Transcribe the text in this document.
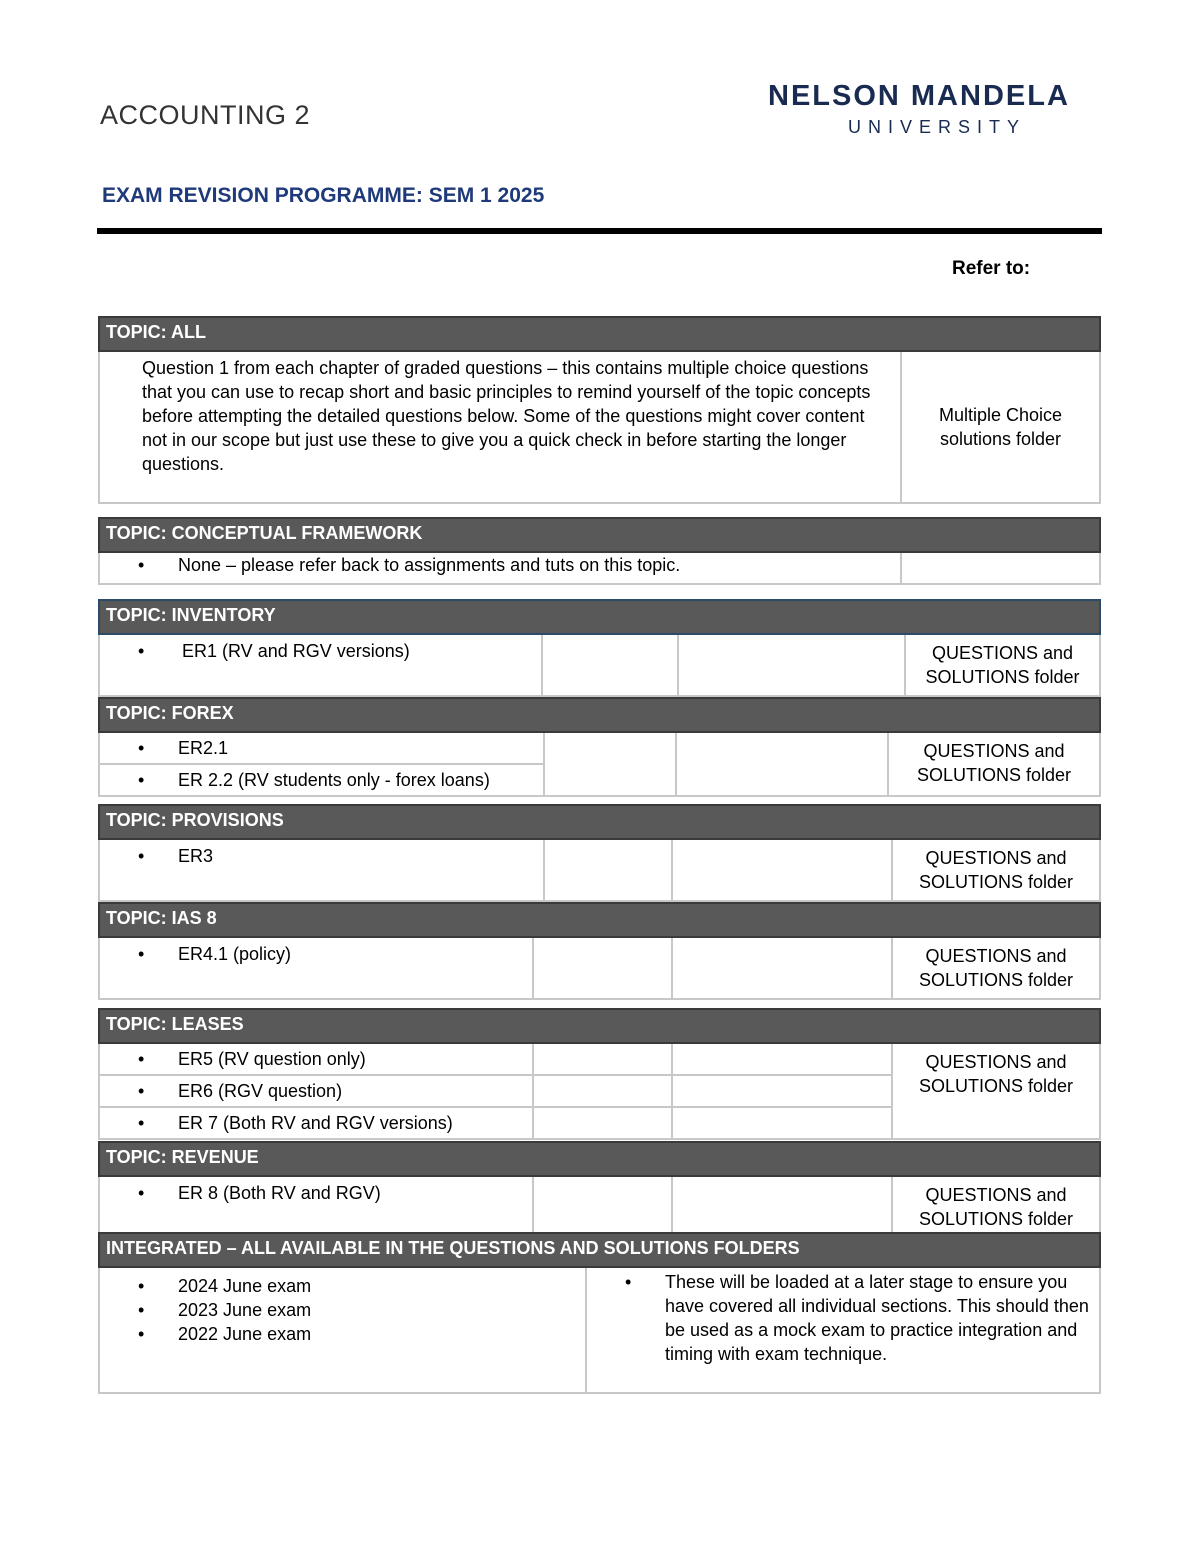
ACCOUNTING 2
NELSON MANDELA
UNIVERSITY
EXAM REVISION PROGRAMME: SEM 1 2025
Refer to:
TOPIC: ALL
Question 1 from each chapter of graded questions – this contains multiple choice questions that you can use to recap short and basic principles to remind yourself of the topic concepts before attempting the detailed questions below. Some of the questions might cover content not in our scope but just use these to give you a quick check in before starting the longer questions.	Multiple Choice solutions folder
TOPIC: CONCEPTUAL FRAMEWORK

• None – please refer back to assignments and tuts on this topic.

TOPIC: INVENTORY

• ER1 (RV and RGV versions)			QUESTIONS and SOLUTIONS folder
TOPIC: FOREX

• ER2.1			QUESTIONS and SOLUTIONS folder

• ER 2.2 (RV students only - forex loans)
TOPIC: PROVISIONS

• ER3			QUESTIONS and SOLUTIONS folder
TOPIC: IAS 8

• ER4.1 (policy)			QUESTIONS and SOLUTIONS folder
TOPIC: LEASES			

• ER5 (RV question only)			QUESTIONS and SOLUTIONS folder

• ER6 (RGV question)

• ER 7 (Both RV and RGV versions)

TOPIC: REVENUE

• ER 8 (Both RV and RGV)			QUESTIONS and SOLUTIONS folder
INTEGRATED – ALL AVAILABLE IN THE QUESTIONS AND SOLUTIONS FOLDERS

• 2024 June exam
• 2023 June exam
• 2022 June exam

• These will be loaded at a later stage to ensure you have covered all individual sections. This should then be used as a mock exam to practice integration and timing with exam technique.
